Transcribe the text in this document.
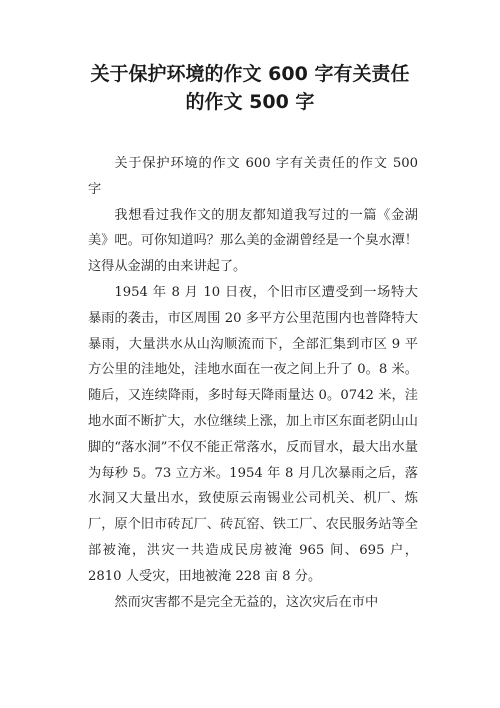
关于保护环境的作文 600 字有关责任
的作文 500 字

关于保护环境的作文 600 字有关责任的作文 500 字

我想看过我作文的朋友都知道我写过的一篇《金湖美》吧。可你知道吗？那么美的金湖曾经是一个臭水潭！这得从金湖的由来讲起了。

1954 年 8 月 10 日夜，个旧市区遭受到一场特大暴雨的袭击，市区周围 20 多平方公里范围内也普降特大暴雨，大量洪水从山沟顺流而下，全部汇集到市区 9 平方公里的洼地处，洼地水面在一夜之间上升了 0。8 米。随后，又连续降雨，多时每天降雨量达 0。0742 米，洼地水面不断扩大，水位继续上涨，加上市区东面老阴山山脚的“落水洞”不仅不能正常落水，反而冒水，最大出水量为每秒 5。73 立方米。1954 年 8 月几次暴雨之后，落水洞又大量出水，致使原云南锡业公司机关、机厂、炼厂，原个旧市砖瓦厂、砖瓦窑、铁工厂、农民服务站等全部被淹，洪灾一共造成民房被淹 965 间、695 户，2810 人受灾，田地被淹 228 亩 8 分。

然而灾害都不是完全无益的，这次灾后在市中
